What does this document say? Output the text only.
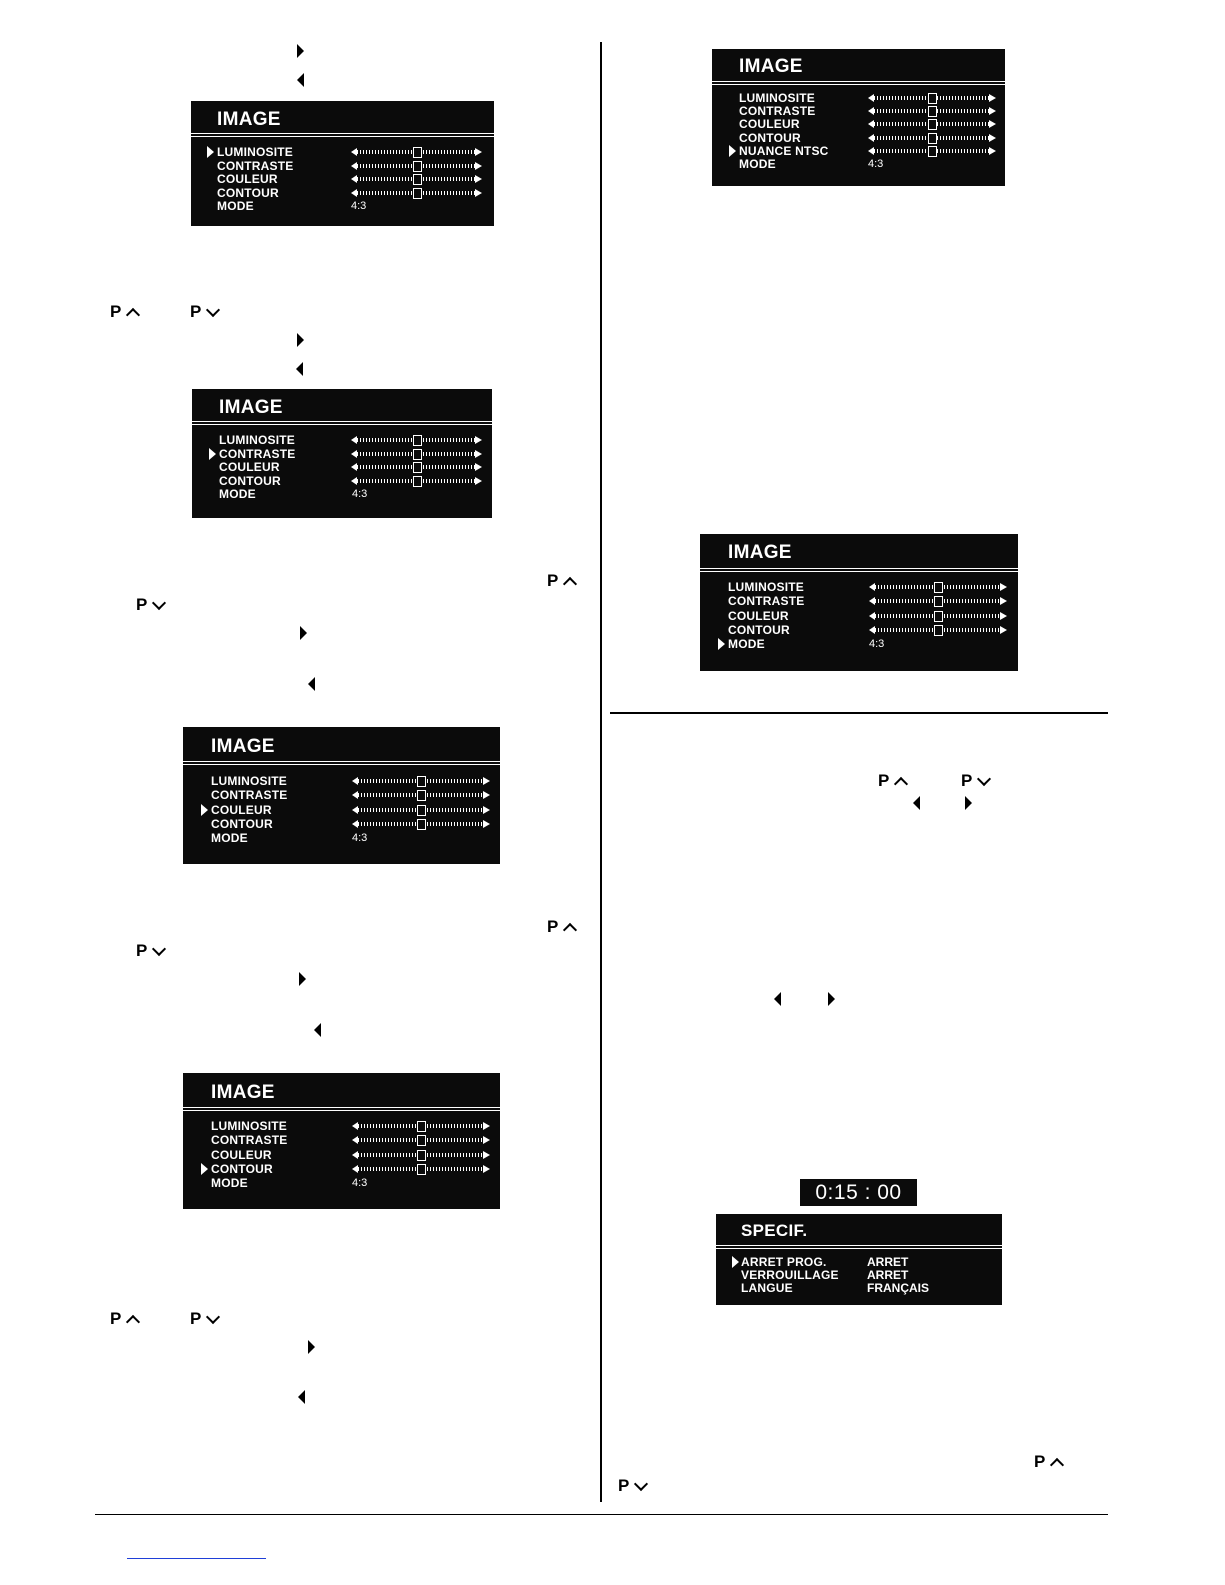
P	P
P
P
P
P
P	P
P	P
P
P
IMAGE
LUMINOSITE
CONTRASTE
COULEUR
CONTOUR
MODE	4:3
IMAGE
LUMINOSITE
CONTRASTE
COULEUR
CONTOUR
MODE	4:3
IMAGE
LUMINOSITE
CONTRASTE
COULEUR
CONTOUR
MODE	4:3
IMAGE
LUMINOSITE
CONTRASTE
COULEUR
CONTOUR
MODE	4:3
IMAGE
LUMINOSITE
CONTRASTE
COULEUR
CONTOUR
NUANCE NTSC
MODE	4:3
IMAGE
LUMINOSITE
CONTRASTE
COULEUR
CONTOUR
MODE	4:3
0:15 : 00
SPECIF.
ARRET PROG.	ARRET
VERROUILLAGE ARRET
LANGUE	FRANÇAIS
